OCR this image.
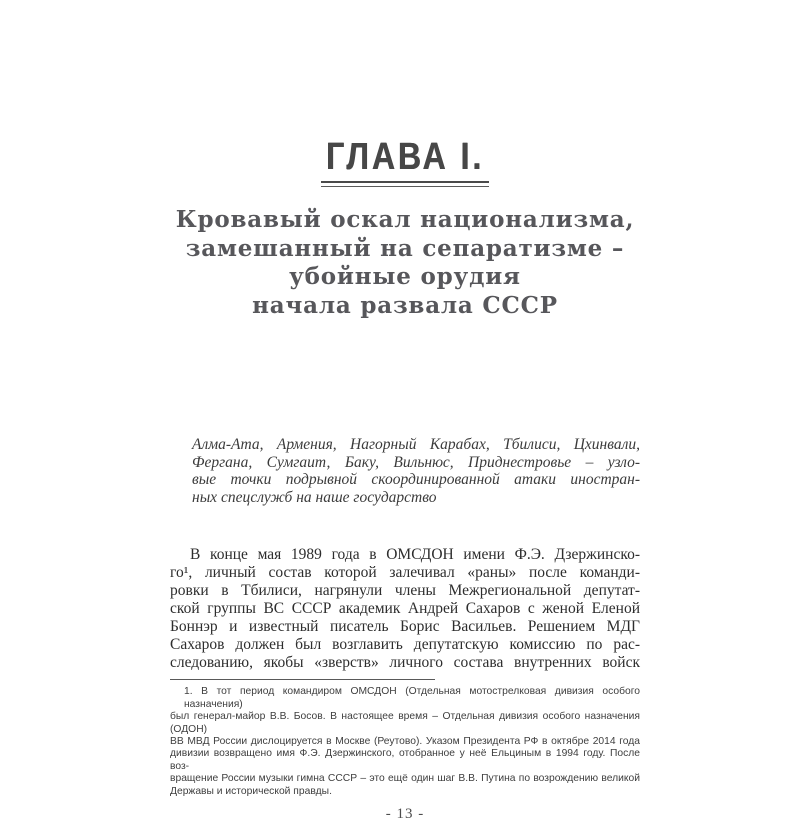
ГЛАВА I.
Кровавый оскал национализма,
замешанный на сепаратизме –
убойные орудия
начала развала СССР
Алма-Ата, Армения, Нагорный Карабах, Тбилиси, Цхинвали,
Фергана, Сумгаит, Баку, Вильнюс, Приднестровье – узло-
вые точки подрывной скоординированной атаки иностран-
ных спецслужб на наше государство
В конце мая 1989 года в ОМСДОН имени Ф.Э. Дзержинско-
го¹, личный состав которой залечивал «раны» после команди-
ровки в Тбилиси, нагрянули члены Межрегиональной депутат-
ской группы ВС СССР академик Андрей Сахаров с женой Еленой
Боннэр и известный писатель Борис Васильев. Решением МДГ
Сахаров должен был возглавить депутатскую комиссию по рас-
следованию, якобы «зверств» личного состава внутренних войск
1. В тот период командиром ОМСДОН (Отдельная мотострелковая дивизия особого назначения)
был генерал-майор В.В. Босов. В настоящее время – Отдельная дивизия особого назначения (ОДОН)
ВВ МВД России дислоцируется в Москве (Реутово). Указом Президента РФ в октябре 2014 года
дивизии возвращено имя Ф.Э. Дзержинского, отобранное у неё Ельциным в 1994 году. После воз-
вращение России музыки гимна СССР – это ещё один шаг В.В. Путина по возрождению великой
Державы и исторической правды.
- 13 -
